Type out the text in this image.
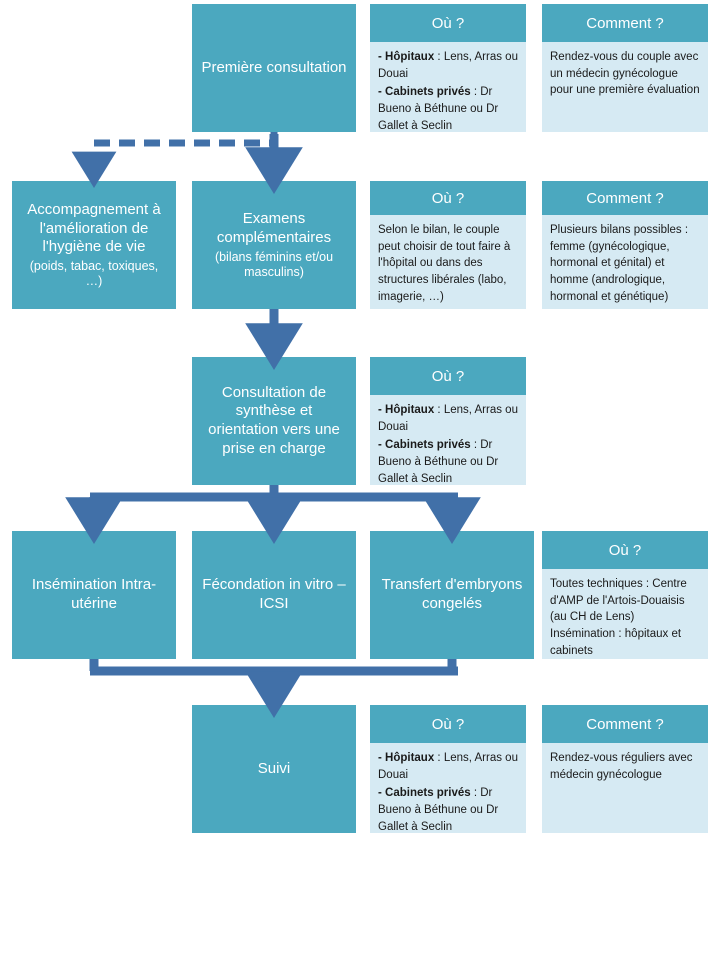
Première consultation
Où ?

- Hôpitaux : Lens, Arras ou Douai

- Cabinets privés : Dr Bueno à Béthune ou Dr Gallet à Seclin

Comment ?
Rendez-vous du couple avec un médecin gynécologue pour une première évaluation
Accompagnement à l'amélioration de l'hygiène de vie
(poids, tabac, toxiques, …)
Examens complémentaires
(bilans féminins et/ou masculins)
Où ?
Selon le bilan, le couple peut choisir de tout faire à l'hôpital ou dans des structures libérales (labo, imagerie, …)
Comment ?
Plusieurs bilans possibles : femme (gynécologique, hormonal et génital) et homme (andrologique, hormonal et génétique)
Consultation de synthèse et orientation vers une prise en charge
Où ?

- Hôpitaux : Lens, Arras ou Douai

- Cabinets privés : Dr Bueno à Béthune ou Dr Gallet à Seclin

Insémination Intra-utérine
Fécondation in vitro – ICSI
Transfert d'embryons congelés
Où ?
Toutes techniques : Centre d'AMP de l'Artois-Douaisis (au CH de Lens) Insémination : hôpitaux et cabinets
Suivi
Où ?

- Hôpitaux : Lens, Arras ou Douai

- Cabinets privés : Dr Bueno à Béthune ou Dr Gallet à Seclin

Comment ?
Rendez-vous réguliers avec médecin gynécologue
